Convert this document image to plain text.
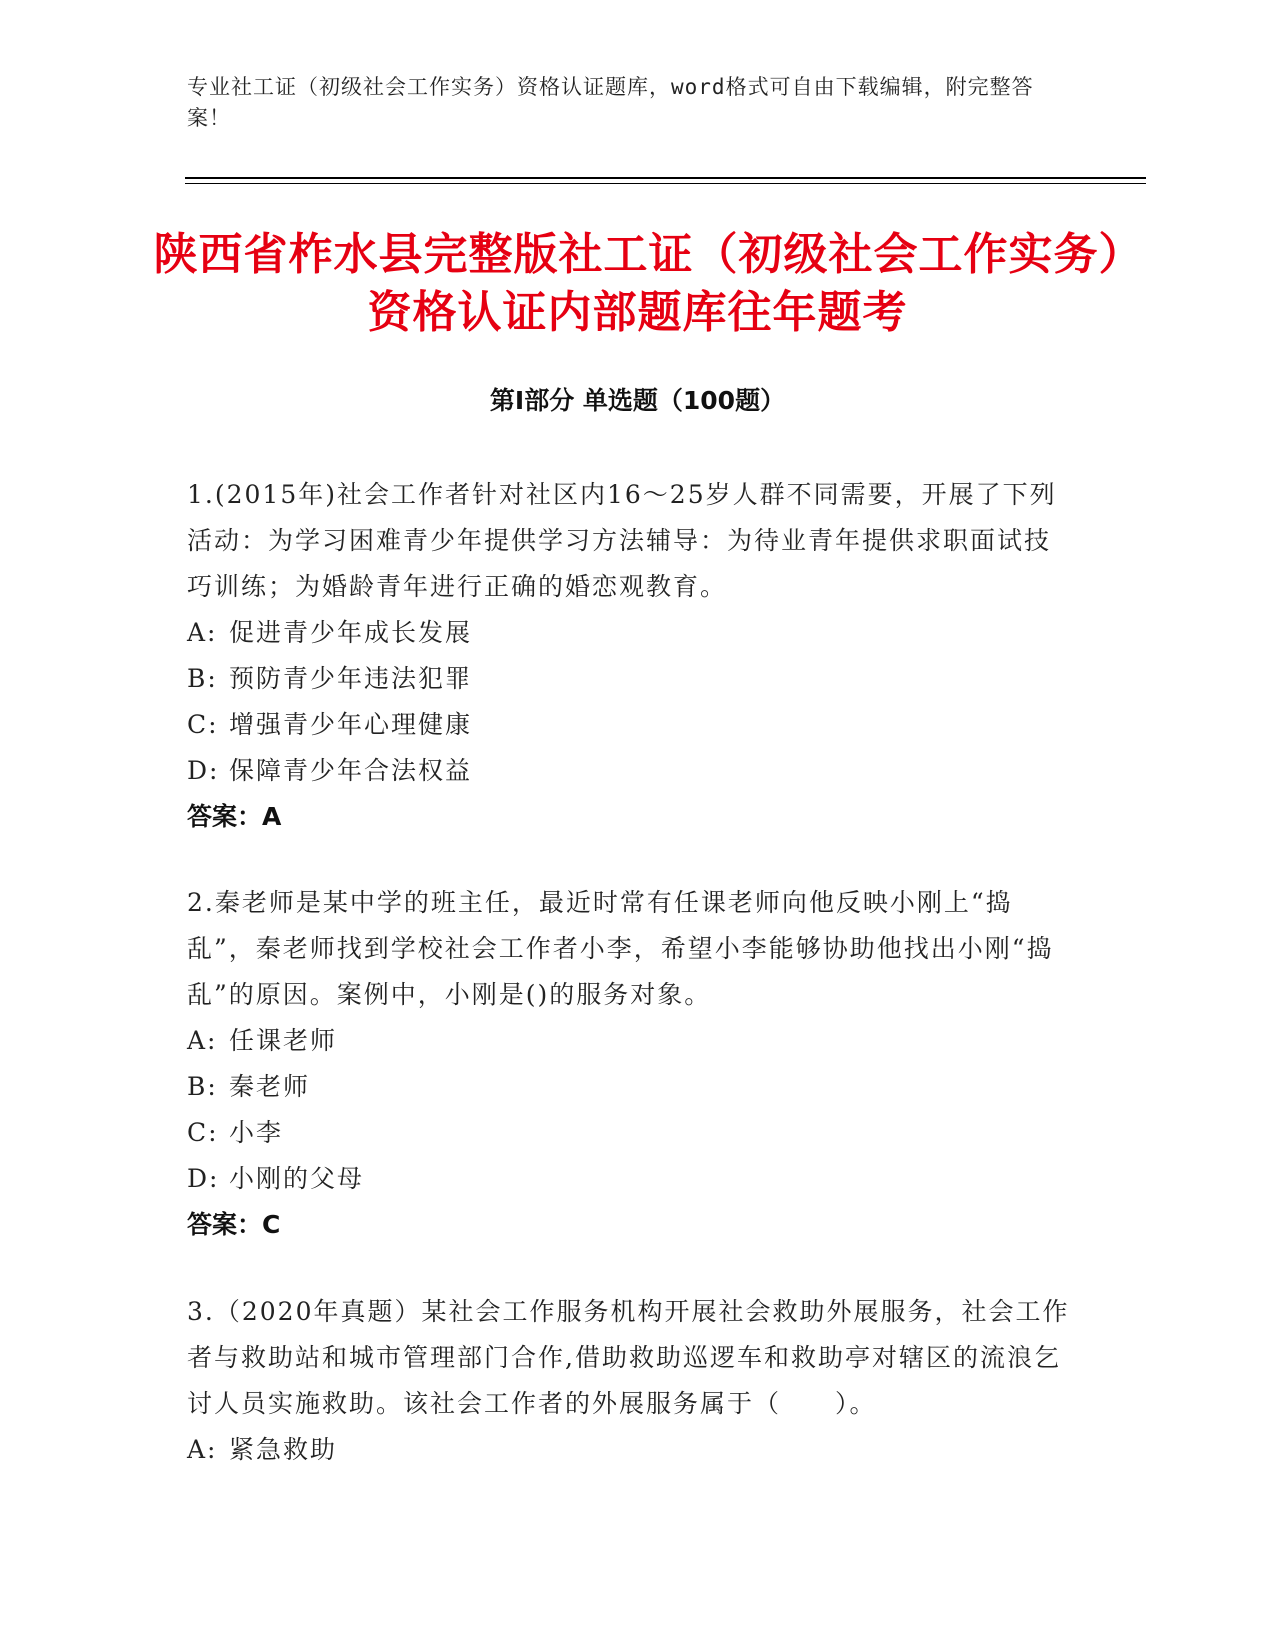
专业社工证（初级社会工作实务）资格认证题库，word格式可自由下载编辑，附完整答案！
陕西省柞水县完整版社工证（初级社会工作实务）资格认证内部题库往年题考
第Ⅰ部分 单选题（100题）

1.(2015年)社会工作者针对社区内16～25岁人群不同需要，开展了下列活动：为学习困难青少年提供学习方法辅导：为待业青年提供求职面试技巧训练；为婚龄青年进行正确的婚恋观教育。

A: 促进青少年成长发展

B: 预防青少年违法犯罪

C: 增强青少年心理健康

D: 保障青少年合法权益

答案：A

2.秦老师是某中学的班主任，最近时常有任课老师向他反映小刚上“捣乱”，秦老师找到学校社会工作者小李，希望小李能够协助他找出小刚“捣乱”的原因。案例中，小刚是()的服务对象。

A: 任课老师

B: 秦老师

C: 小李

D: 小刚的父母

答案：C

3.（2020年真题）某社会工作服务机构开展社会救助外展服务，社会工作者与救助站和城市管理部门合作,借助救助巡逻车和救助亭对辖区的流浪乞讨人员实施救助。该社会工作者的外展服务属于（　　）。

A: 紧急救助
